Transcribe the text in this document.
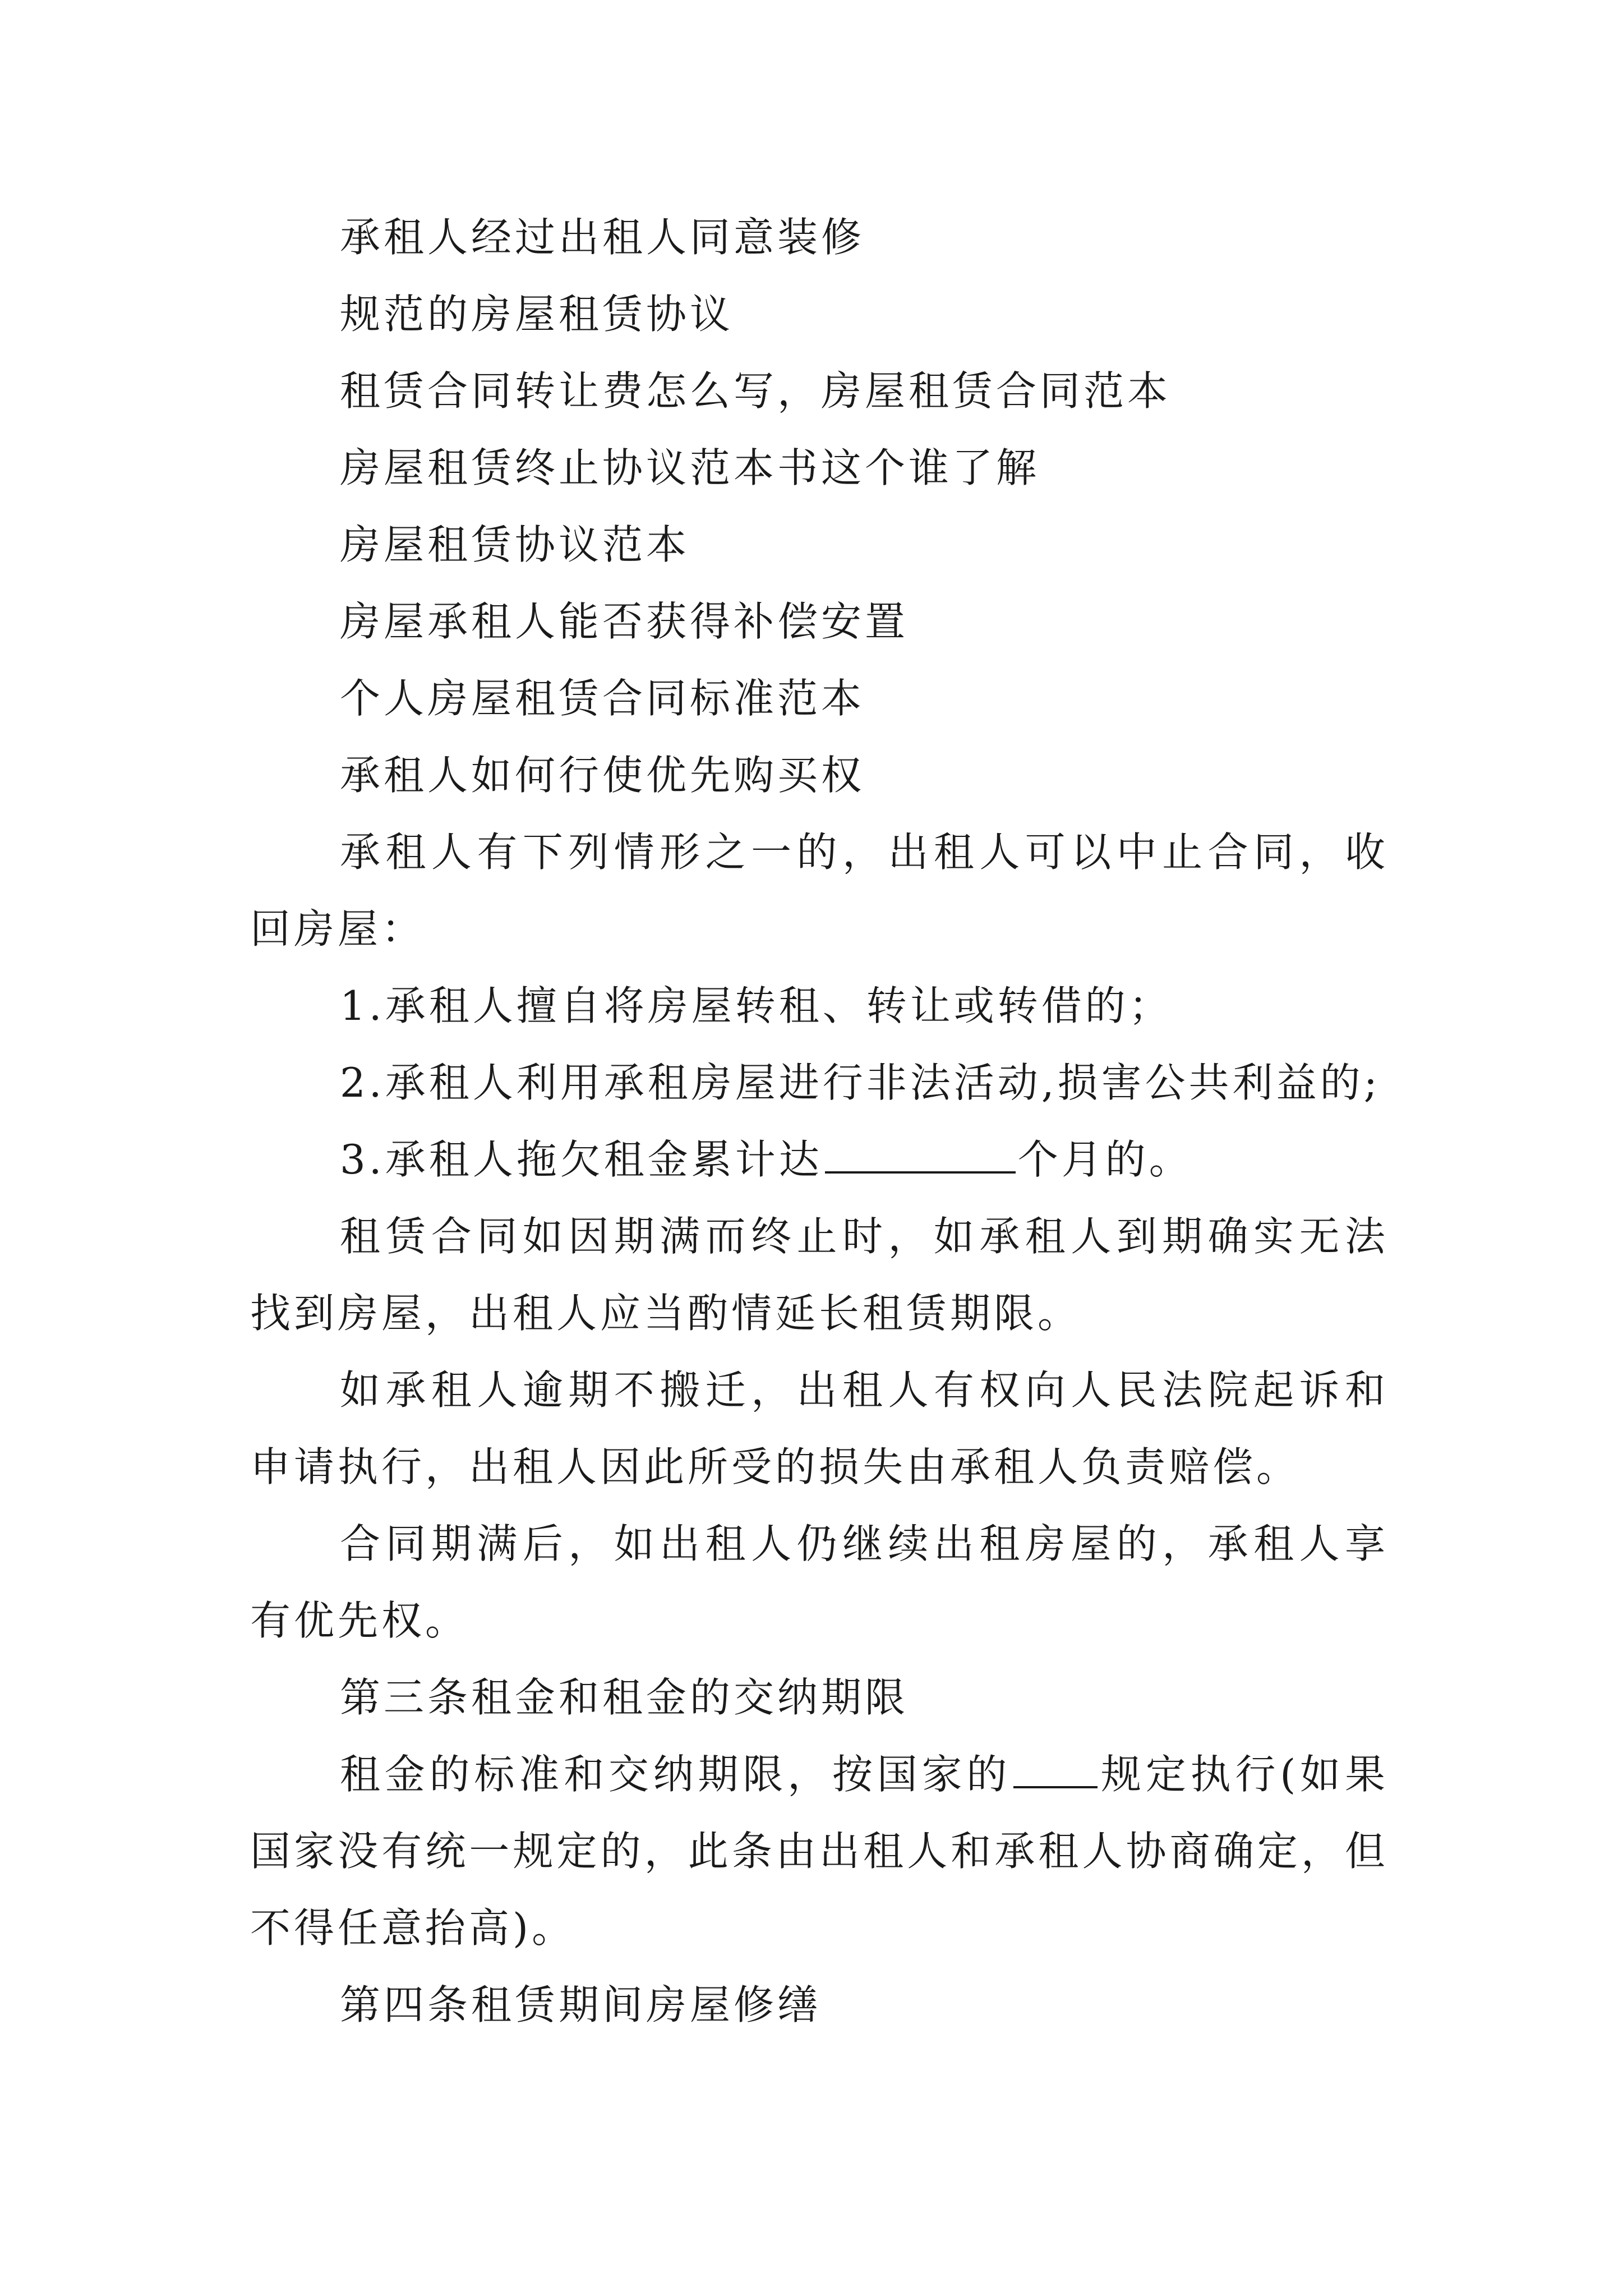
承租人经过出租人同意装修

规范的房屋租赁协议

租赁合同转让费怎么写，房屋租赁合同范本

房屋租赁终止协议范本书这个谁了解

房屋租赁协议范本

房屋承租人能否获得补偿安置

个人房屋租赁合同标准范本

承租人如何行使优先购买权

承租人有下列情形之一的，出租人可以中止合同，收回房屋：

1.承租人擅自将房屋转租、转让或转借的；

2.承租人利用承租房屋进行非法活动,损害公共利益的;

3.承租人拖欠租金累计达	个月的。

租赁合同如因期满而终止时，如承租人到期确实无法找到房屋，出租人应当酌情延长租赁期限。

如承租人逾期不搬迁，出租人有权向人民法院起诉和申请执行，出租人因此所受的损失由承租人负责赔偿。

合同期满后，如出租人仍继续出租房屋的，承租人享有优先权。

第三条租金和租金的交纳期限

租金的标准和交纳期限，按国家的 规定执行(如果国家没有统一规定的，此条由出租人和承租人协商确定，但不得任意抬高)。

第四条租赁期间房屋修缮
